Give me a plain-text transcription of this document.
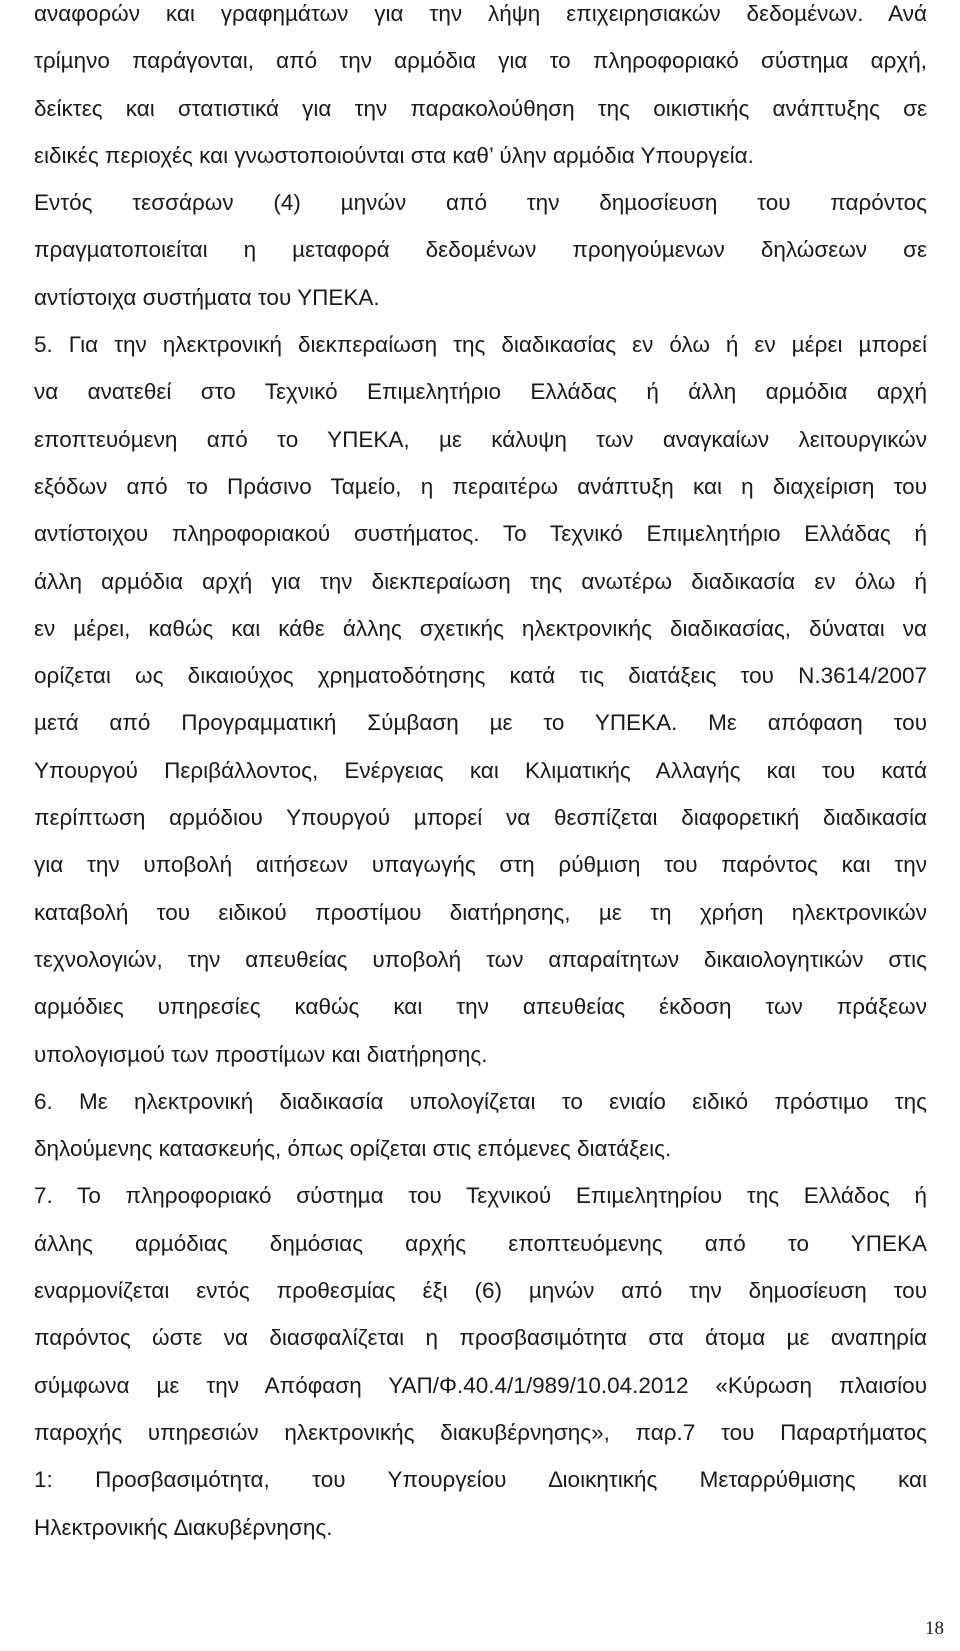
αναφορών και γραφηµάτων για την λήψη επιχειρησιακών δεδοµένων. Ανά
τρίµηνο παράγονται, από την αρµόδια για το πληροφοριακό σύστηµα αρχή,
δείκτες και στατιστικά για την παρακολούθηση της οικιστικής ανάπτυξης σε
ειδικές περιοχές και γνωστοποιούνται στα καθ’ ύλην αρµόδια Υπουργεία.
Εντός τεσσάρων (4) µηνών από την δηµοσίευση του παρόντος
πραγµατοποιείται η µεταφορά δεδοµένων προηγούµενων δηλώσεων σε
αντίστοιχα συστήµατα του ΥΠΕΚΑ.
5. Για την ηλεκτρονική διεκπεραίωση της διαδικασίας εν όλω ή εν µέρει µπορεί
να ανατεθεί στο Τεχνικό Επιµελητήριο Ελλάδας ή άλλη αρµόδια αρχή
εποπτευόµενη από το ΥΠΕΚΑ, µε κάλυψη των αναγκαίων λειτουργικών
εξόδων από το Πράσινο Ταµείο, η περαιτέρω ανάπτυξη και η διαχείριση του
αντίστοιχου πληροφοριακού συστήµατος. Το Τεχνικό Επιµελητήριο Ελλάδας ή
άλλη αρµόδια αρχή για την διεκπεραίωση της ανωτέρω διαδικασία εν όλω ή
εν µέρει, καθώς και κάθε άλλης σχετικής ηλεκτρονικής διαδικασίας, δύναται να
ορίζεται ως δικαιούχος χρηµατοδότησης κατά τις διατάξεις του Ν.3614/2007
µετά από Προγραµµατική Σύµβαση µε το ΥΠΕΚΑ. Με απόφαση του
Υπουργού Περιβάλλοντος, Ενέργειας και Κλιµατικής Αλλαγής και του κατά
περίπτωση αρµόδιου Υπουργού µπορεί να θεσπίζεται διαφορετική διαδικασία
για την υποβολή αιτήσεων υπαγωγής στη ρύθµιση του παρόντος και την
καταβολή του ειδικού προστίµου διατήρησης, µε τη χρήση ηλεκτρονικών
τεχνολογιών, την απευθείας υποβολή των απαραίτητων δικαιολογητικών στις
αρµόδιες υπηρεσίες καθώς και την απευθείας έκδοση των πράξεων
υπολογισµού των προστίµων και διατήρησης.
6. Με ηλεκτρονική διαδικασία υπολογίζεται το ενιαίο ειδικό πρόστιµο της
δηλούµενης κατασκευής, όπως ορίζεται στις επόµενες διατάξεις.
7. Το πληροφοριακό σύστηµα του Τεχνικού Επιµελητηρίου της Ελλάδος ή
άλλης αρµόδιας δηµόσιας αρχής εποπτευόµενης από το ΥΠΕΚΑ
εναρµονίζεται εντός προθεσµίας έξι (6) µηνών από την δηµοσίευση του
παρόντος ώστε να διασφαλίζεται η προσβασιµότητα στα άτοµα µε αναπηρία
σύµφωνα µε την Απόφαση ΥΑΠ/Φ.40.4/1/989/10.04.2012 «Κύρωση πλαισίου
παροχής υπηρεσιών ηλεκτρονικής διακυβέρνησης», παρ.7 του Παραρτήµατος
1: Προσβασιµότητα, του Υπουργείου ∆ιοικητικής Μεταρρύθµισης και
Ηλεκτρονικής ∆ιακυβέρνησης.
18
